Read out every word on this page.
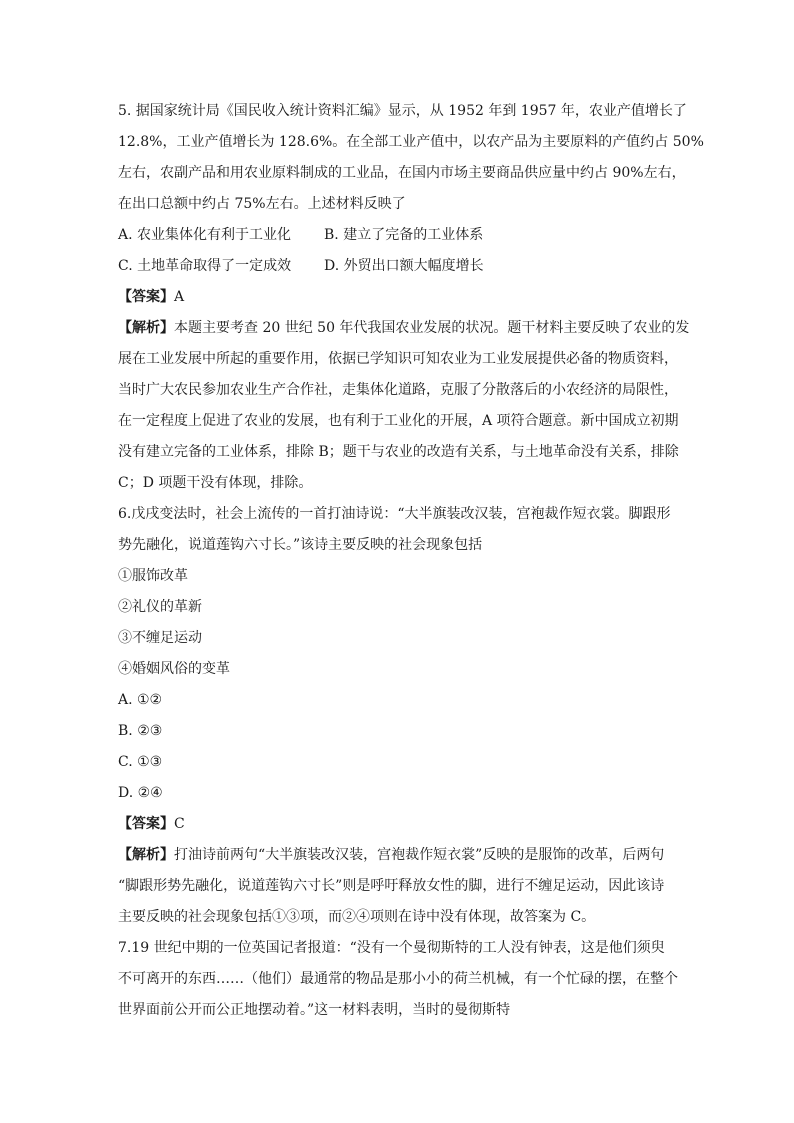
5. 据国家统计局《国民收入统计资料汇编》显示，从 1952 年到 1957 年，农业产值增长了
12.8%，工业产值增长为 128.6%。在全部工业产值中，以农产品为主要原料的产值约占 50%
左右，农副产品和用农业原料制成的工业品，在国内市场主要商品供应量中约占 90%左右，
在出口总额中约占 75%左右。上述材料反映了
A. 农业集体化有利于工业化	B. 建立了完备的工业体系
C. 土地革命取得了一定成效	D. 外贸出口额大幅度增长
【答案】A
【解析】本题主要考查 20 世纪 50 年代我国农业发展的状况。题干材料主要反映了农业的发
展在工业发展中所起的重要作用，依据已学知识可知农业为工业发展提供必备的物质资料，
当时广大农民参加农业生产合作社，走集体化道路，克服了分散落后的小农经济的局限性，
在一定程度上促进了农业的发展，也有利于工业化的开展，A 项符合题意。新中国成立初期
没有建立完备的工业体系，排除 B；题干与农业的改造有关系，与土地革命没有关系，排除
C；D 项题干没有体现，排除。
6.戊戌变法时，社会上流传的一首打油诗说：“大半旗装改汉装，宫袍裁作短衣裳。脚跟形
势先融化，说道莲钩六寸长。”该诗主要反映的社会现象包括
①服饰改革
②礼仪的革新
③不缠足运动
④婚姻风俗的变革
A. ①②
B. ②③
C. ①③
D. ②④
【答案】C
【解析】打油诗前两句“大半旗装改汉装，宫袍裁作短衣裳”反映的是服饰的改革，后两句
“脚跟形势先融化，说道莲钩六寸长”则是呼吁释放女性的脚，进行不缠足运动，因此该诗
主要反映的社会现象包括①③项，而②④项则在诗中没有体现，故答案为 C。
7.19 世纪中期的一位英国记者报道：“没有一个曼彻斯特的工人没有钟表，这是他们须臾
不可离开的东西……（他们）最通常的物品是那小小的荷兰机械，有一个忙碌的摆，在整个
世界面前公开而公正地摆动着。”这一材料表明，当时的曼彻斯特
